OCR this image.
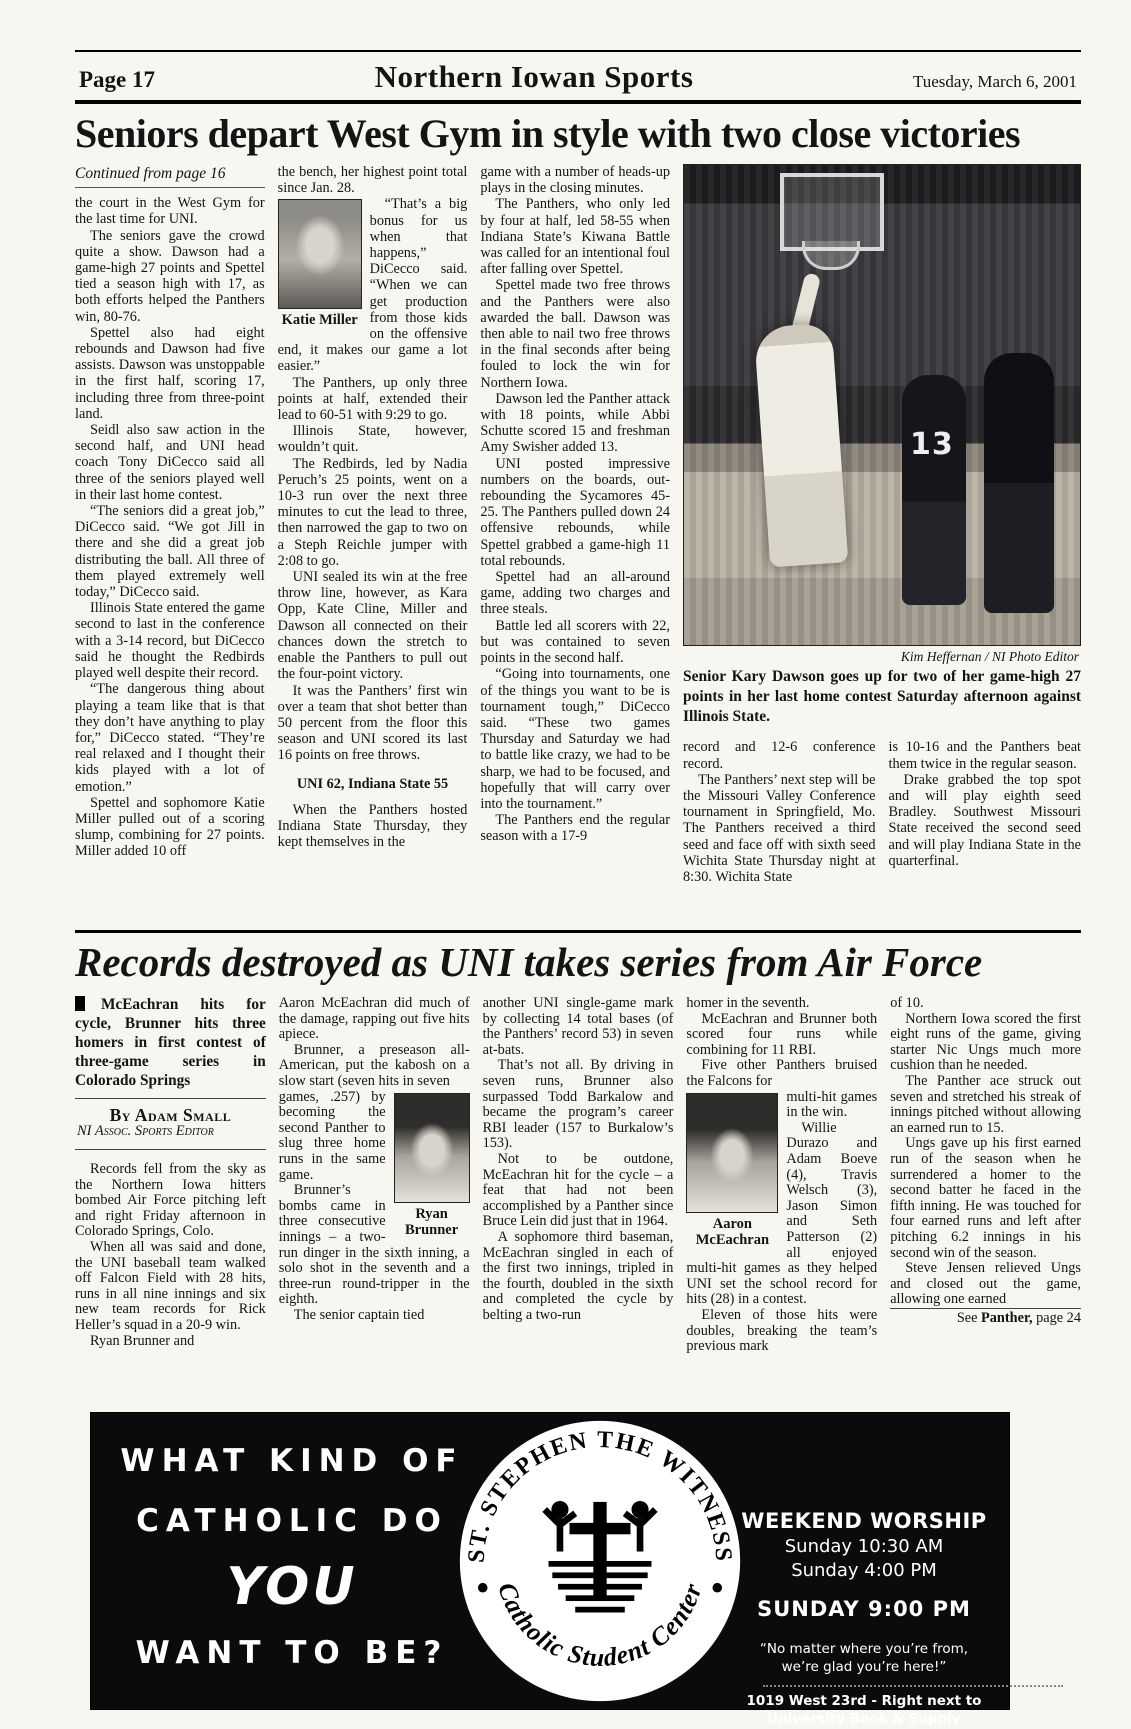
Page 17	Northern Iowan Sports	Tuesday, March 6, 2001
Seniors depart West Gym in style with two close victories
Continued from page 16

the court in the West Gym for the last time for UNI.

The seniors gave the crowd quite a show. Dawson had a game-high 27 points and Spettel tied a season high with 17, as both efforts helped the Panthers win, 80-76.

Spettel also had eight rebounds and Dawson had five assists. Dawson was unstoppable in the first half, scoring 17, including three from three-point land.

Seidl also saw action in the second half, and UNI head coach Tony DiCecco said all three of the seniors played well in their last home contest.

“The seniors did a great job,” DiCecco said. “We got Jill in there and she did a great job distributing the ball. All three of them played extremely well today,” DiCecco said.

Illinois State entered the game second to last in the conference with a 3-14 record, but DiCecco said he thought the Redbirds played well despite their record.

“The dangerous thing about playing a team like that is that they don’t have anything to play for,” DiCecco stated. “They’re real relaxed and I thought their kids played with a lot of emotion.”

Spettel and sophomore Katie Miller pulled out of a scoring slump, combining for 27 points. Miller added 10 off

the bench, her highest point total since Jan. 28.

Katie Miller

“That’s a big bonus for us when that happens,” DiCecco said. “When we can get production from those kids on the offensive end, it makes our game a lot easier.”

The Panthers, up only three points at half, extended their lead to 60-51 with 9:29 to go.

Illinois State, however, wouldn’t quit.

The Redbirds, led by Nadia Peruch’s 25 points, went on a 10-3 run over the next three minutes to cut the lead to three, then narrowed the gap to two on a Steph Reichle jumper with 2:08 to go.

UNI sealed its win at the free throw line, however, as Kara Opp, Kate Cline, Miller and Dawson all connected on their chances down the stretch to enable the Panthers to pull out the four-point victory.

It was the Panthers’ first win over a team that shot better than 50 percent from the floor this season and UNI scored its last 16 points on free throws.

UNI 62, Indiana State 55

When the Panthers hosted Indiana State Thursday, they kept themselves in the

game with a number of heads-up plays in the closing minutes.

The Panthers, who only led by four at half, led 58-55 when Indiana State’s Kiwana Battle was called for an intentional foul after falling over Spettel.

Spettel made two free throws and the Panthers were also awarded the ball. Dawson was then able to nail two free throws in the final seconds after being fouled to lock the win for Northern Iowa.

Dawson led the Panther attack with 18 points, while Abbi Schutte scored 15 and freshman Amy Swisher added 13.

UNI posted impressive numbers on the boards, out-rebounding the Sycamores 45-25. The Panthers pulled down 24 offensive rebounds, while Spettel grabbed a game-high 11 total rebounds.

Spettel had an all-around game, adding two charges and three steals.

Battle led all scorers with 22, but was contained to seven points in the second half.

“Going into tournaments, one of the things you want to be is tournament tough,” DiCecco said. “These two games Thursday and Saturday we had to battle like crazy, we had to be sharp, we had to be focused, and hopefully that will carry over into the tournament.”

The Panthers end the regular season with a 17-9

13
Kim Heffernan / NI Photo Editor
Senior Kary Dawson goes up for two of her game-high 27 points in her last home contest Saturday afternoon against Illinois State.

record and 12-6 conference record.

The Panthers’ next step will be the Missouri Valley Conference tournament in Springfield, Mo. The Panthers received a third seed and face off with sixth seed Wichita State Thursday night at 8:30. Wichita State

is 10-16 and the Panthers beat them twice in the regular season.

Drake grabbed the top spot and will play eighth seed Bradley. Southwest Missouri State received the second seed and will play Indiana State in the quarterfinal.

Records destroyed as UNI takes series from Air Force
McEachran hits for cycle, Brunner hits three homers in first contest of three-game series in Colorado Springs
By Adam Small
NI Assoc. Sports Editor

Records fell from the sky as the Northern Iowa hitters bombed Air Force pitching left and right Friday afternoon in Colorado Springs, Colo.

When all was said and done, the UNI baseball team walked off Falcon Field with 28 hits, runs in all nine innings and six new team records for Rick Heller’s squad in a 20-9 win.

Ryan Brunner and

Aaron McEachran did much of the damage, rapping out five hits apiece.

Brunner, a preseason all-American, put the kabosh on a slow start (seven hits in seven

Ryan Brunner

games, .257) by becoming the second Panther to slug three home runs in the same game.

Brunner’s bombs came in three consecutive innings – a two-run dinger in the sixth inning, a solo shot in the seventh and a three-run round-tripper in the eighth.

The senior captain tied

another UNI single-game mark by collecting 14 total bases (of the Panthers’ record 53) in seven at-bats.

That’s not all. By driving in seven runs, Brunner also surpassed Todd Barkalow and became the program’s career RBI leader (157 to Burkalow’s 153).

Not to be outdone, McEachran hit for the cycle – a feat that had not been accomplished by a Panther since Bruce Lein did just that in 1964.

A sophomore third baseman, McEachran singled in each of the first two innings, tripled in the fourth, doubled in the sixth and completed the cycle by belting a two-run

homer in the seventh.

McEachran and Brunner both scored four runs while combining for 11 RBI.

Five other Panthers bruised the Falcons for

Aaron McEachran

multi-hit games in the win.

Willie Durazo and Adam Boeve (4), Travis Welsch (3), Jason Simon and Seth Patterson (2) all enjoyed multi-hit games as they helped UNI set the school record for hits (28) in a contest.

Eleven of those hits were doubles, breaking the team’s previous mark

of 10.

Northern Iowa scored the first eight runs of the game, giving starter Nic Ungs much more cushion than he needed.

The Panther ace struck out seven and stretched his streak of innings pitched without allowing an earned run to 15.

Ungs gave up his first earned run of the season when he surrendered a homer to the second batter he faced in the fifth inning. He was touched for four earned runs and left after pitching 6.2 innings in his second win of the season.

Steve Jensen relieved Ungs and closed out the game, allowing one earned

See Panther, page 24

WHAT KIND OF
CATHOLIC DO
YOU
WANT TO BE?
ST. STEPHEN THE WITNESS
Catholic Student Center
WEEKEND WORSHIP
Sunday 10:30 AM
Sunday 4:00 PM
SUNDAY 9:00 PM
“No matter where you’re from,
we’re glad you’re here!”
1019 West 23rd - Right next to
University Book & Supply
